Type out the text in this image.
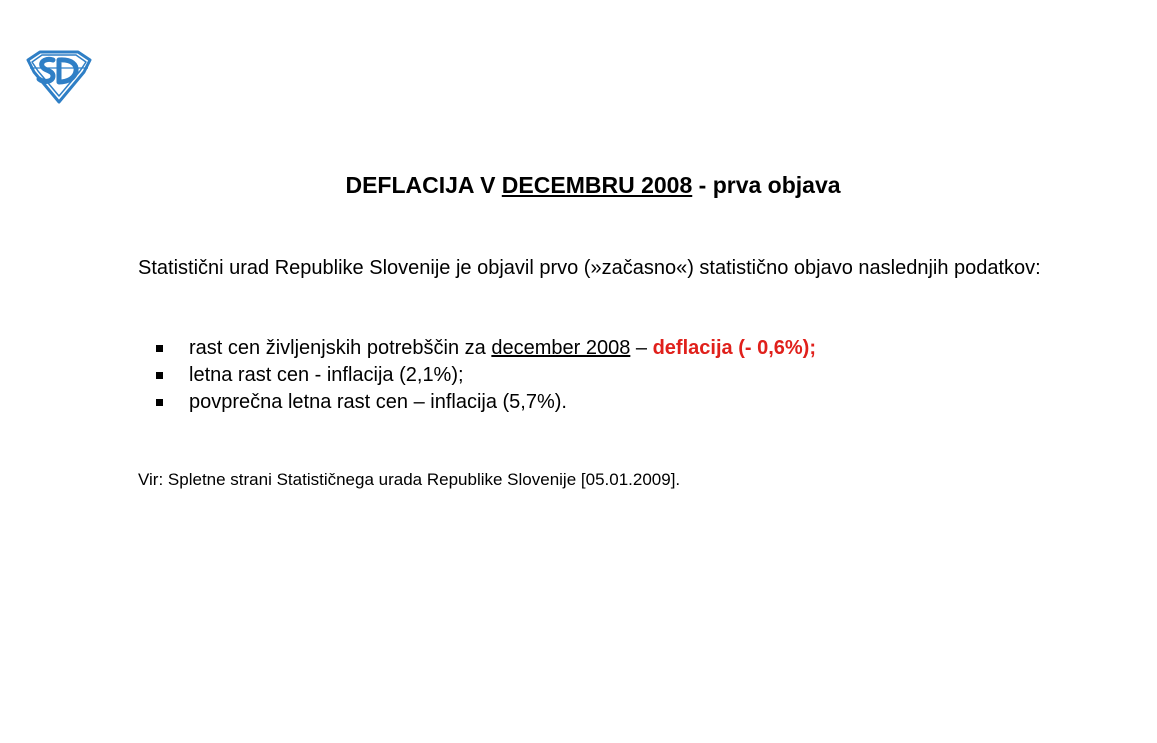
DEFLACIJA V DECEMBRU 2008 - prva objava
Statistični urad Republike Slovenije je objavil prvo (»začasno«) statistično objavo naslednjih podatkov:
rast cen življenjskih potrebščin za december 2008 – deflacija (- 0,6%);
letna rast cen - inflacija (2,1%);
povprečna letna rast cen – inflacija (5,7%).
Vir: Spletne strani Statističnega urada Republike Slovenije [05.01.2009].
